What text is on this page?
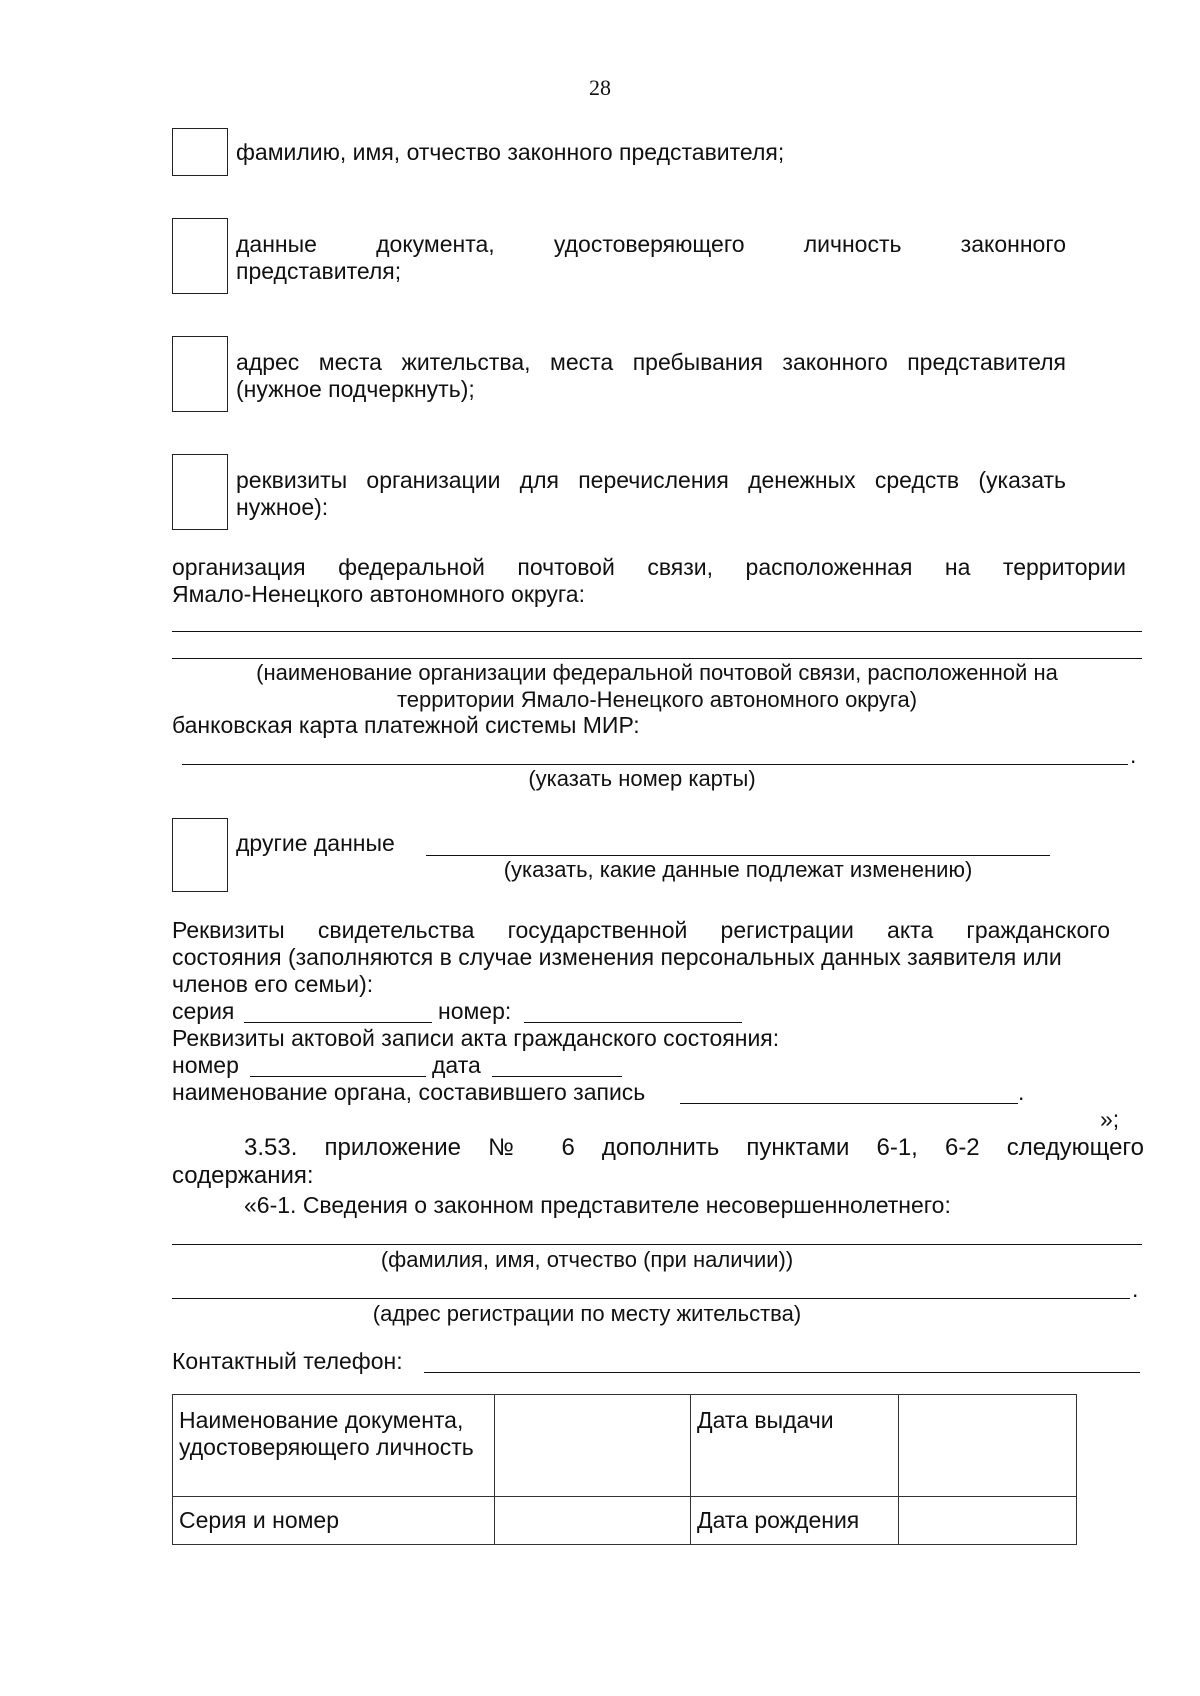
28
фамилию, имя, отчество законного представителя;
данные документа, удостоверяющего личность законного
представителя;
адрес места жительства, места пребывания законного представителя
(нужное подчеркнуть);
реквизиты организации для перечисления денежных средств (указать
нужное):
организация федеральной почтовой связи, расположенная на территории
Ямало-Ненецкого автономного округа:
(наименование организации федеральной почтовой связи, расположенной на
территории Ямало-Ненецкого автономного округа)
банковская карта платежной системы МИР:
.
(указать номер карты)
другие данные
(указать, какие данные подлежат изменению)
Реквизиты свидетельства государственной регистрации акта гражданского
состояния (заполняются в случае изменения персональных данных заявителя или
членов его семьи):
серия	номер:
Реквизиты актовой записи акта гражданского состояния:
номер	дата
наименование органа, составившего запись	.
»;
3.53. приложение № 6 дополнить пунктами 6-1, 6-2 следующего
содержания:
«6-1. Сведения о законном представителе несовершеннолетнего:
(фамилия, имя, отчество (при наличии))
.
(адрес регистрации по месту жительства)
Контактный телефон:
Наименование документа, удостоверяющего личность		Дата выдачи	
Серия и номер		Дата рождения	
